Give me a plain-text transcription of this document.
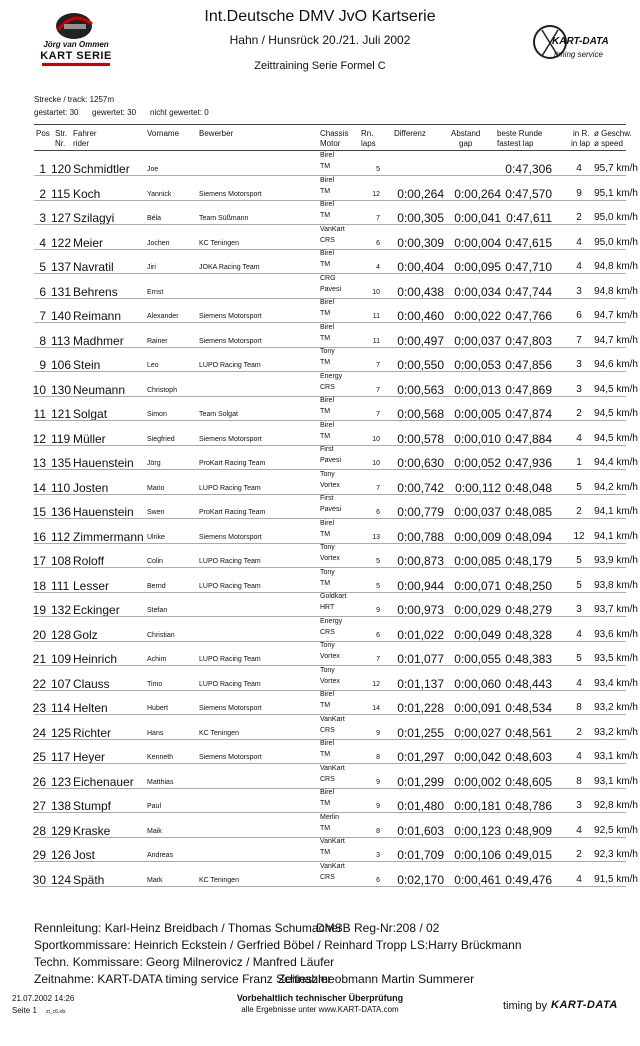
Jörg van Ommen
KART SERIE
Int.Deutsche DMV JvO Kartserie
Hahn / Hunsrück 20./21. Juli 2002
Zeittraining Serie Formel C
KART-DATA
timing service
Strecke / track: 1257m
gestartet: 30 gewertet: 30 nicht gewertet: 0
Pos Str.
Nr.
Fahrer
rider
Vorname Bewerber	Chassis
Motor
Rn.
laps
Differenz	Abstand
gap
beste Runde
fastest lap
in R.
in lap
ø Geschw.
ø speed
1 120 Schmidtler Joe
Birel
TM	5	0:47,306	4	95,7 km/h
2 115 Koch	Yannick	Siemens Motorsport
Birel
TM	12	0:00,264 0:00,264 0:47,570	9	95,1 km/h
3 127 Szilagyi	Béla	Team Süßmann
Birel
TM	7	0:00,305 0:00,041 0:47,611	2	95,0 km/h
4 122 Meier	Jochen	KC Teningen
VanKart
CRS	6	0:00,309 0:00,004 0:47,615	4	95,0 km/h
5 137 Navratil	Jiri	JOKA Racing Team
Birel
TM	4	0:00,404 0:00,095 0:47,710	4	94,8 km/h
6 131 Behrens	Ernst
CRG
Pavesi	10	0:00,438 0:00,034 0:47,744	3	94,8 km/h
7 140 Reimann	Alexander	Siemens Motorsport
Birel
TM	11	0:00,460 0:00,022 0:47,766	6	94,7 km/h
8 113 Madhmer	Rainer	Siemens Motorsport
Birel
TM	11	0:00,497 0:00,037 0:47,803	7	94,7 km/h
9 106 Stein	Leo	LUPO Racing Team
Tony
TM	7	0:00,550 0:00,053 0:47,856	3	94,6 km/h
10 130 Neumann	Christoph
Energy
CRS	7	0:00,563 0:00,013 0:47,869	3	94,5 km/h
11 121 Solgat	Simon	Team Solgat
Birel
TM	7	0:00,568 0:00,005 0:47,874	2	94,5 km/h
12 119 Müller	Siegfried	Siemens Motorsport
Birel
TM	10	0:00,578 0:00,010 0:47,884	4	94,5 km/h
13 135 Hauenstein Jörg	ProKart Racing Team
First
Pavesi	10	0:00,630 0:00,052 0:47,936	1	94,4 km/h
14 110 Josten	Mario	LUPO Racing Team
Tony
Vortex	7	0:00,742 0:00,112 0:48,048	5	94,2 km/h
15 136 Hauenstein Swen	ProKart Racing Team
First
Pavesi	6	0:00,779 0:00,037 0:48,085	2	94,1 km/h
16 112 Zimmermann Ulrike	Siemens Motorsport
Birel
TM	13	0:00,788 0:00,009 0:48,094 12 94,1 km/h
17 108 Roloff	Colin	LUPO Racing Team
Tony
Vortex	5	0:00,873 0:00,085 0:48,179	5	93,9 km/h
18 111 Lesser	Bernd	LUPO Racing Team
Tony
TM	5	0:00,944 0:00,071 0:48,250	5	93,8 km/h
19 132 Eckinger	Stefan
Goldkart
HRT	9	0:00,973 0:00,029 0:48,279	3	93,7 km/h
20 128 Golz	Christian
Energy
CRS	6	0:01,022 0:00,049 0:48,328	4	93,6 km/h
21 109 Heinrich	Achim	LUPO Racing Team
Tony
Vortex	7	0:01,077 0:00,055 0:48,383	5	93,5 km/h
22 107 Clauss	Timo	LUPO Racing Team
Tony
Vortex	12	0:01,137 0:00,060 0:48,443	4	93,4 km/h
23 114 Helten	Hubert	Siemens Motorsport
Birel
TM	14	0:01,228 0:00,091 0:48,534	8	93,2 km/h
24 125 Richter	Hans	KC Teningen
VanKart
CRS	9	0:01,255 0:00,027 0:48,561	2	93,2 km/h
25 117 Heyer	Kenneth	Siemens Motorsport
Birel
TM	8	0:01,297 0:00,042 0:48,603	4	93,1 km/h
26 123 Eichenauer Matthias
VanKart
CRS	9	0:01,299 0:00,002 0:48,605	8	93,1 km/h
27 138 Stumpf	Paul
Birel
TM	9	0:01,480 0:00,181 0:48,786	3	92,8 km/h
28 129 Kraske	Maik
Merlin
TM	8	0:01,603 0:00,123 0:48,909	4	92,5 km/h
29 126 Jost	Andreas
VanKart
TM	3	0:01,709 0:00,106 0:49,015	2	92,3 km/h
30 124 Späth	Mark	KC Teningen
VanKart
CRS	6	0:02,170 0:00,461 0:49,476	4	91,5 km/h
Rennleitung: Karl-Heinz Breidbach / Thomas Schumacher
DMSB Reg-Nr:208 / 02
Sportkommissare: Heinrich Eckstein / Gerfried Böbel / Reinhard Tropp LS:Harry Brückmann
Techn. Kommissare: Georg Milnerovicz / Manfred Läufer
Zeitnahme: KART-DATA timing service Franz Schieszler
Zeitnahmeobmann Martin Summerer
21.07.2002 14:26
Seite 1 zt_c6.xls
Vorbehaltlich technischer Überprüfung
alle Ergebnisse unter www.KART-DATA.com	timing by KART-DATA
